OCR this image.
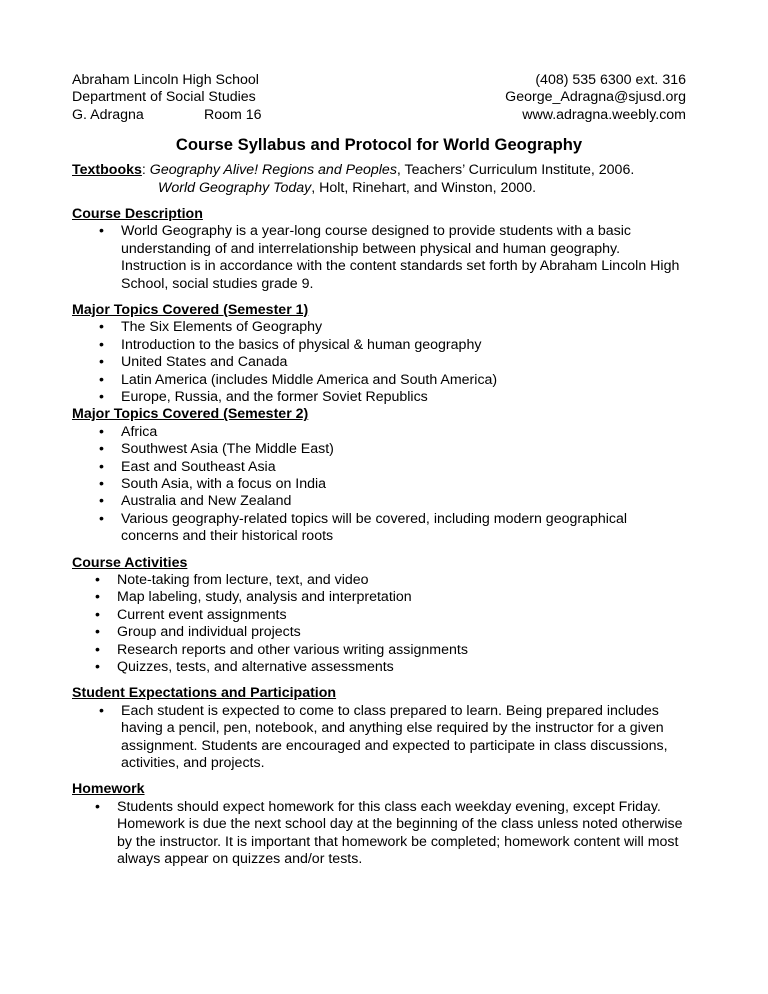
Abraham Lincoln High School	(408) 535 6300 ext. 316
Department of Social Studies	George_Adragna@sjusd.org
G. Adragna	Room 16	www.adragna.weebly.com
Course Syllabus and Protocol for World Geography
Textbooks: Geography Alive! Regions and Peoples, Teachers’ Curriculum Institute, 2006.
World Geography Today, Holt, Rinehart, and Winston, 2000.
Course Description
• World Geography is a year-long course designed to provide students with a basic understanding of and interrelationship between physical and human geography. Instruction is in accordance with the content standards set forth by Abraham Lincoln High School, social studies grade 9.
Major Topics Covered (Semester 1)
• The Six Elements of Geography
• Introduction to the basics of physical & human geography
• United States and Canada
• Latin America (includes Middle America and South America)
• Europe, Russia, and the former Soviet Republics
Major Topics Covered (Semester 2)
• Africa
• Southwest Asia (The Middle East)
• East and Southeast Asia
• South Asia, with a focus on India
• Australia and New Zealand
• Various geography-related topics will be covered, including modern geographical concerns and their historical roots
Course Activities
• Note-taking from lecture, text, and video
• Map labeling, study, analysis and interpretation
• Current event assignments
• Group and individual projects
• Research reports and other various writing assignments
• Quizzes, tests, and alternative assessments
Student Expectations and Participation
• Each student is expected to come to class prepared to learn. Being prepared includes having a pencil, pen, notebook, and anything else required by the instructor for a given assignment. Students are encouraged and expected to participate in class discussions, activities, and projects.
Homework
• Students should expect homework for this class each weekday evening, except Friday. Homework is due the next school day at the beginning of the class unless noted otherwise by the instructor. It is important that homework be completed; homework content will most always appear on quizzes and/or tests.
